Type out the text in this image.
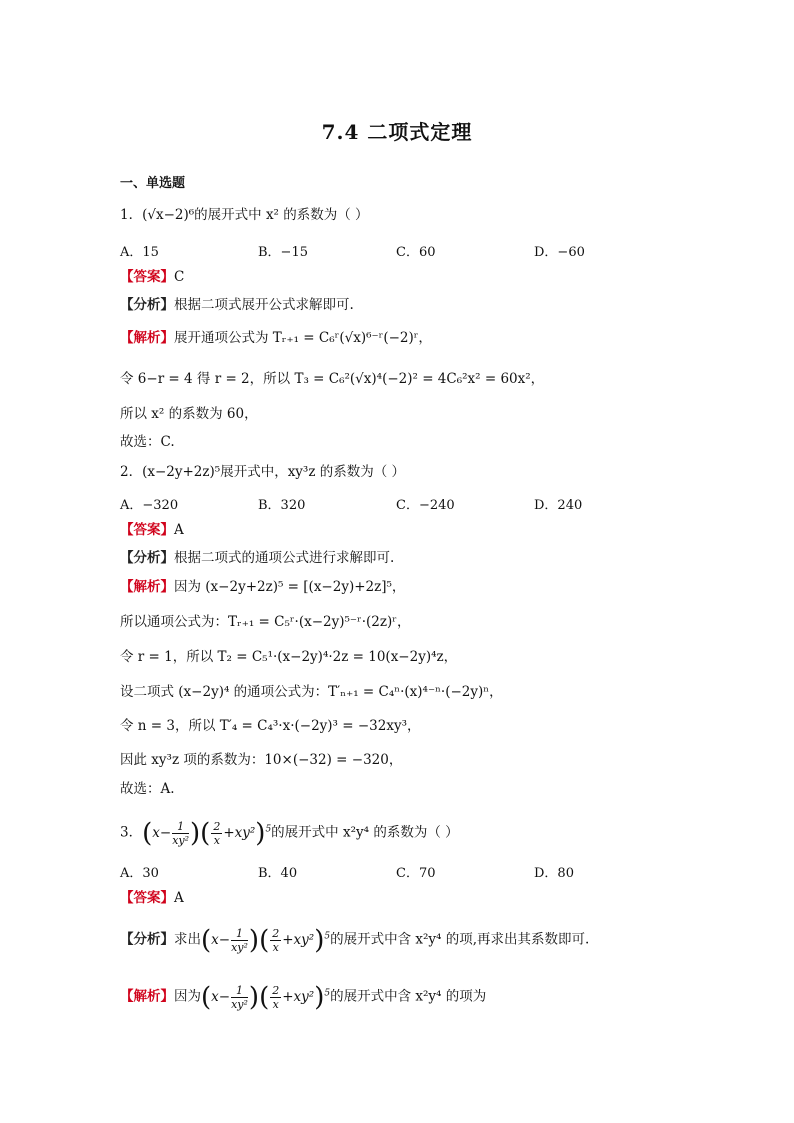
7.4 二项式定理
一、单选题
1．(√x−2)⁶的展开式中 x² 的系数为（ ）
A．15	B．−15	C．60	D．−60
【答案】C
【分析】根据二项式展开公式求解即可.
【解析】展开通项公式为 Tᵣ₊₁ = C₆ʳ(√x)⁶⁻ʳ(−2)ʳ，
令 6−r = 4 得 r = 2，所以 T₃ = C₆²(√x)⁴(−2)² = 4C₆²x² = 60x²，
所以 x² 的系数为 60，
故选：C.
2．(x−2y+2z)⁵展开式中，xy³z 的系数为（ ）
A．−320	B．320	C．−240	D．240
【答案】A
【分析】根据二项式的通项公式进行求解即可.
【解析】因为 (x−2y+2z)⁵ = [(x−2y)+2z]⁵，
所以通项公式为：Tᵣ₊₁ = C₅ʳ·(x−2y)⁵⁻ʳ·(2z)ʳ，
令 r = 1，所以 T₂ = C₅¹·(x−2y)⁴·2z = 10(x−2y)⁴z，
设二项式 (x−2y)⁴ 的通项公式为：T′ₙ₊₁ = C₄ⁿ·(x)⁴⁻ⁿ·(−2y)ⁿ，
令 n = 3，所以 T′₄ = C₄³·x·(−2y)³ = −32xy³，
因此 xy³z 项的系数为：10×(−32) = −320，
故选：A.
3．($x- \frac{1}{\text{xy²}}$ )( $\frac{2}{x} +xy^2)^5$的展开式中 x²y⁴ 的系数为（ ）
A．30	B．40	C．70	D．80
【答案】A
【分析】求出($x- \frac{1}{\text{xy²}}$ )( $\frac{2}{x} +xy^2)^5$的展开式中含 x²y⁴ 的项,再求出其系数即可.
【解析】因为($x- \frac{1}{\text{xy²}}$ )( $\frac{2}{x} +xy^2)^5$的展开式中含 x²y⁴ 的项为
